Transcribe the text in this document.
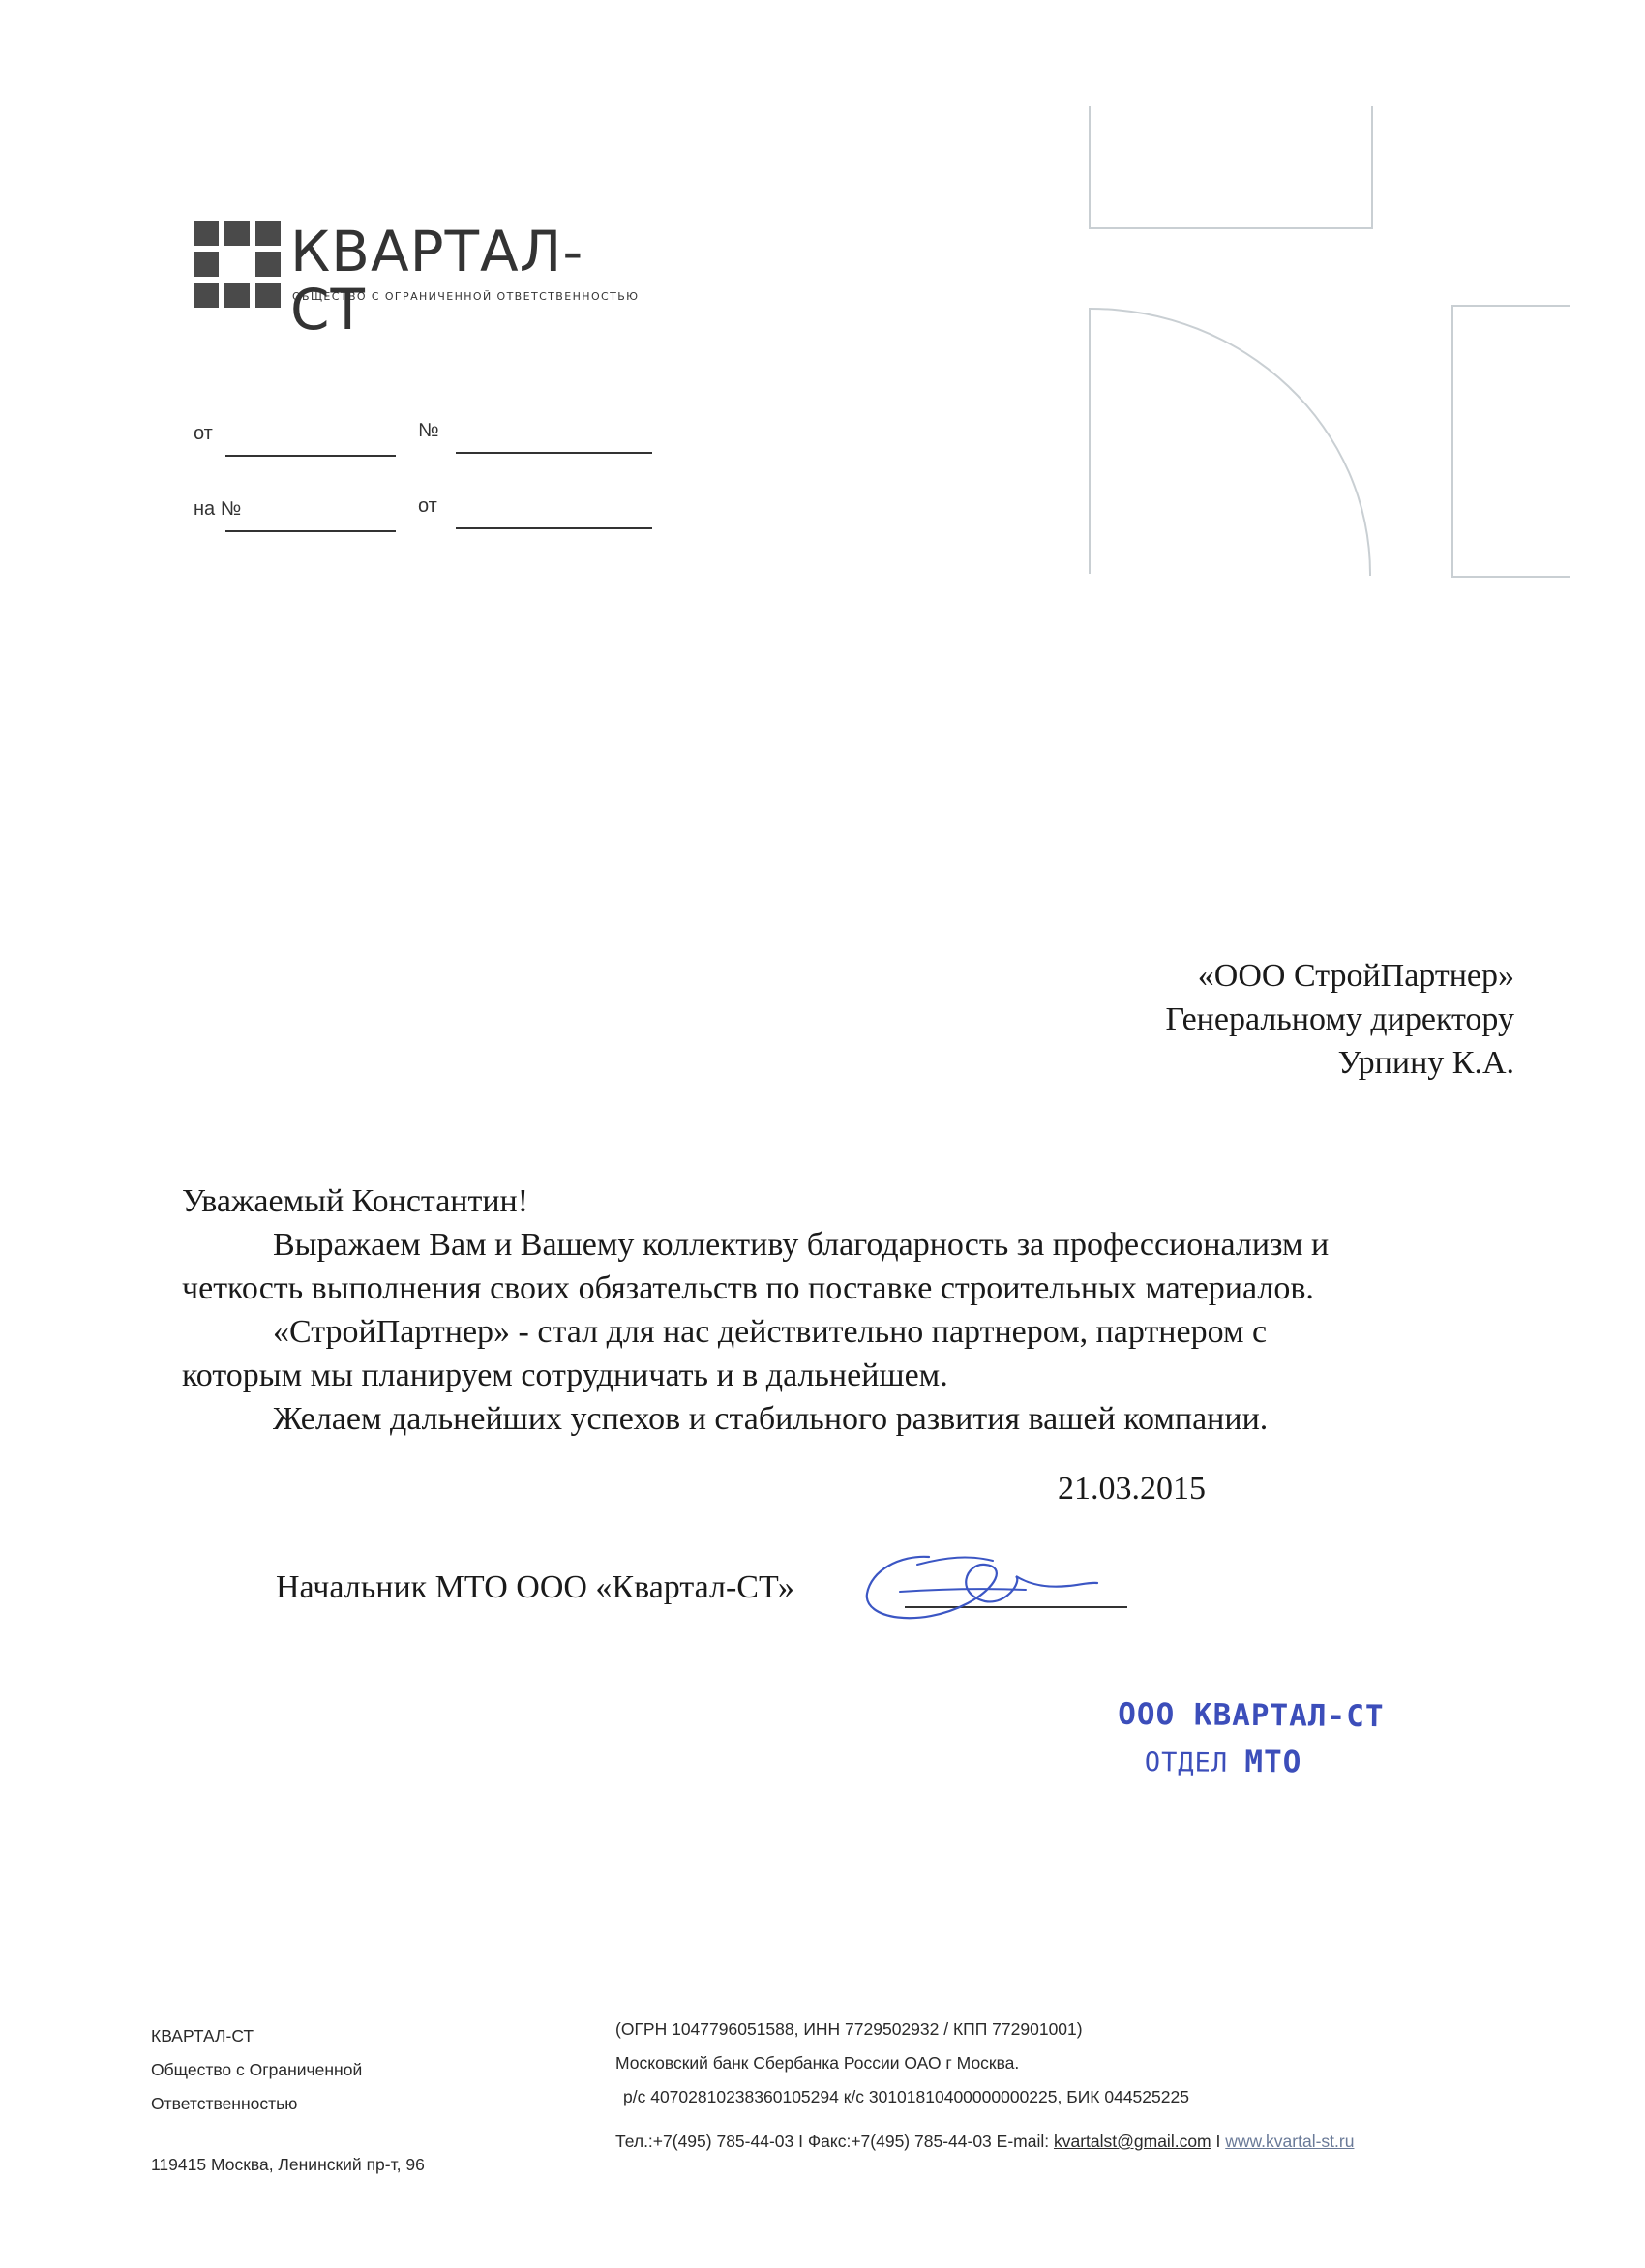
КВАРТАЛ-СТ
ОБЩЕСТВО С ОГРАНИЧЕННОЙ ОТВЕТСТВЕННОСТЬЮ
от	№
на №	от
«ООО СтройПартнер»
Генеральному директору
Урпину К.А.

Уважаемый Константин!

Выражаем Вам и Вашему коллективу благодарность за профессионализм и

четкость выполнения своих обязательств по поставке строительных материалов.

«СтройПартнер» - стал для нас действительно партнером, партнером с

которым мы планируем сотрудничать и в дальнейшем.

Желаем дальнейших успехов и стабильного развития вашей компании.

21.03.2015
Начальник МТО ООО «Квартал-СТ»
ООО КВАРТАЛ-СТ
ОТДЕЛ МТО
КВАРТАЛ-СТ
Общество с Ограниченной
Ответственностью
119415 Москва, Ленинский пр-т, 96
(ОГРН 1047796051588, ИНН 7729502932 / КПП 772901001)
Московский банк Сбербанка России ОАО г Москва.
р/с 40702810238360105294 к/с 30101810400000000225, БИК 044525225
Тел.:+7(495) 785-44-03 I Факс:+7(495) 785-44-03 E-mail: kvartalst@gmail.com I www.kvartal-st.ru
